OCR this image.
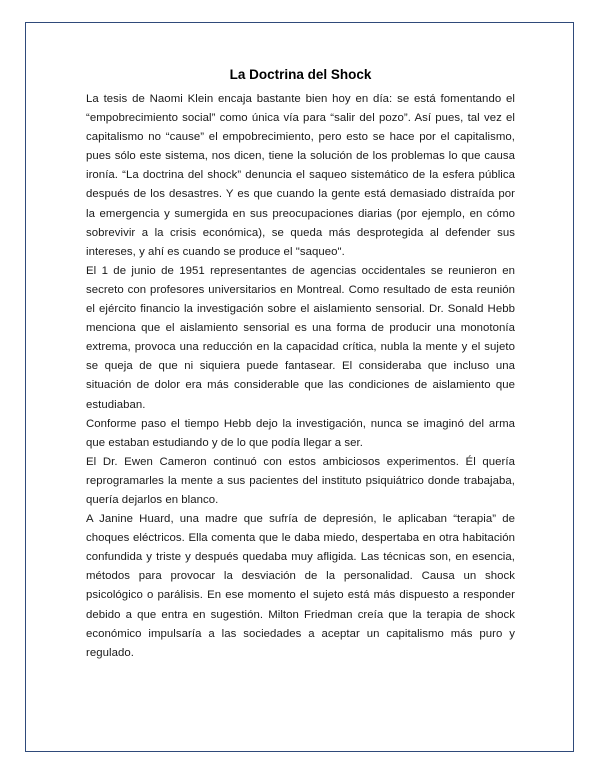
La Doctrina del Shock

La tesis de Naomi Klein encaja bastante bien hoy en día: se está fomentando el “empobrecimiento social” como única vía para “salir del pozo”. Así pues, tal vez el capitalismo no “cause” el empobrecimiento, pero esto se hace por el capitalismo, pues sólo este sistema, nos dicen, tiene la solución de los problemas lo que causa ironía. “La doctrina del shock” denuncia el saqueo sistemático de la esfera pública después de los desastres. Y es que cuando la gente está demasiado distraída por la emergencia y sumergida en sus preocupaciones diarias (por ejemplo, en cómo sobrevivir a la crisis económica), se queda más desprotegida al defender sus intereses, y ahí es cuando se produce el "saqueo".

El 1 de junio de 1951 representantes de agencias occidentales se reunieron en secreto con profesores universitarios en Montreal. Como resultado de esta reunión el ejército financio la investigación sobre el aislamiento sensorial. Dr. Sonald Hebb menciona que el aislamiento sensorial es una forma de producir una monotonía extrema, provoca una reducción en la capacidad crítica, nubla la mente y el sujeto se queja de que ni siquiera puede fantasear. El consideraba que incluso una situación de dolor era más considerable que las condiciones de aislamiento que estudiaban.

Conforme paso el tiempo Hebb dejo la investigación, nunca se imaginó del arma que estaban estudiando y de lo que podía llegar a ser.

El Dr. Ewen Cameron continuó con estos ambiciosos experimentos. Él quería reprogramarles la mente a sus pacientes del instituto psiquiátrico donde trabajaba, quería dejarlos en blanco.

A Janine Huard, una madre que sufría de depresión, le aplicaban “terapia” de choques eléctricos. Ella comenta que le daba miedo, despertaba en otra habitación confundida y triste y después quedaba muy afligida. Las técnicas son, en esencia, métodos para provocar la desviación de la personalidad. Causa un shock psicológico o parálisis. En ese momento el sujeto está más dispuesto a responder debido a que entra en sugestión. Milton Friedman creía que la terapia de shock económico impulsaría a las sociedades a aceptar un capitalismo más puro y regulado.
